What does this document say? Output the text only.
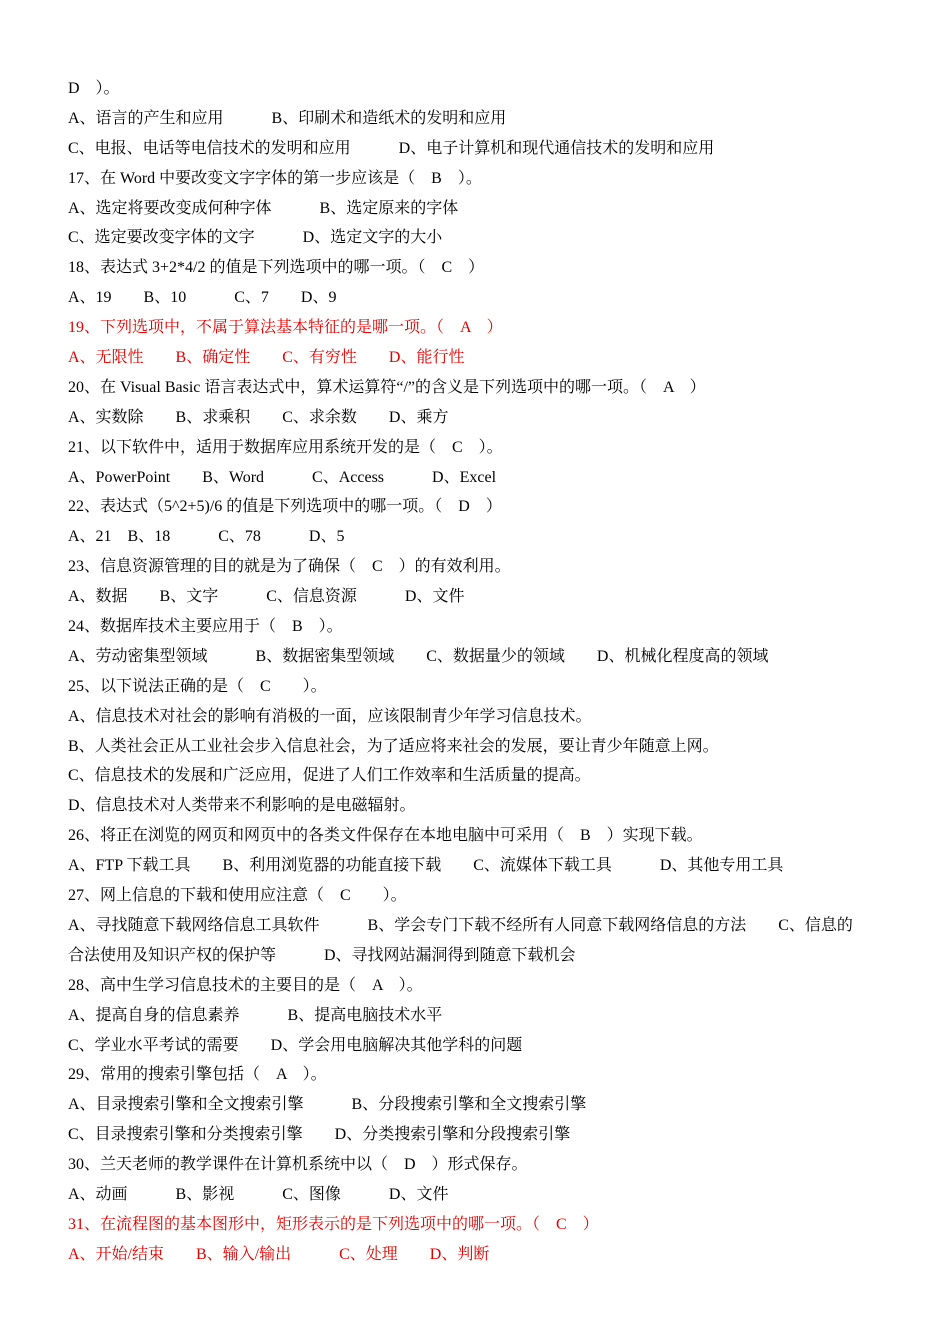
D　）。
A、语言的产生和应用　　　B、印刷术和造纸术的发明和应用
C、电报、电话等电信技术的发明和应用　　　D、电子计算机和现代通信技术的发明和应用
17、在 Word 中要改变文字字体的第一步应该是（　B　）。
A、选定将要改变成何种字体　　　B、选定原来的字体
C、选定要改变字体的文字　　　D、选定文字的大小
18、表达式 3+2*4/2 的值是下列选项中的哪一项。（　C　）
A、19　　B、10　　　C、7　　D、9
19、下列选项中，不属于算法基本特征的是哪一项。（　A　）
A、无限性　　B、确定性　　C、有穷性　　D、能行性
20、在 Visual Basic 语言表达式中，算术运算符“/”的含义是下列选项中的哪一项。（　A　）
A、实数除　　B、求乘积　　C、求余数　　D、乘方
21、以下软件中，适用于数据库应用系统开发的是（　C　）。
A、PowerPoint　　B、Word　　　C、Access　　　D、Excel
22、表达式（5^2+5)/6 的值是下列选项中的哪一项。（　D　）
A、21　B、18　　　C、78　　　D、5
23、信息资源管理的目的就是为了确保（　C　）的有效利用。
A、数据　　B、文字　　　C、信息资源　　　D、文件
24、数据库技术主要应用于（　B　）。
A、劳动密集型领域　　　B、数据密集型领域　　C、数据量少的领域　　D、机械化程度高的领域
25、以下说法正确的是（　C　　）。
A、信息技术对社会的影响有消极的一面，应该限制青少年学习信息技术。
B、人类社会正从工业社会步入信息社会，为了适应将来社会的发展，要让青少年随意上网。
C、信息技术的发展和广泛应用，促进了人们工作效率和生活质量的提高。
D、信息技术对人类带来不利影响的是电磁辐射。
26、将正在浏览的网页和网页中的各类文件保存在本地电脑中可采用（　B　）实现下载。
A、FTP 下载工具　　B、利用浏览器的功能直接下载　　C、流媒体下载工具　　　D、其他专用工具
27、网上信息的下载和使用应注意（　C　　）。
A、寻找随意下载网络信息工具软件　　　B、学会专门下载不经所有人同意下载网络信息的方法　　C、信息的
合法使用及知识产权的保护等　　　D、寻找网站漏洞得到随意下载机会
28、高中生学习信息技术的主要目的是（　A　）。
A、提高自身的信息素养　　　B、提高电脑技术水平
C、学业水平考试的需要　　D、学会用电脑解决其他学科的问题
29、常用的搜索引擎包括（　A　）。
A、目录搜索引擎和全文搜索引擎　　　B、分段搜索引擎和全文搜索引擎
C、目录搜索引擎和分类搜索引擎　　D、分类搜索引擎和分段搜索引擎
30、兰天老师的教学课件在计算机系统中以（　D　）形式保存。
A、动画　　　B、影视　　　C、图像　　　D、文件
31、在流程图的基本图形中，矩形表示的是下列选项中的哪一项。（　C　）
A、开始/结束　　B、输入/输出　　　C、处理　　D、判断
